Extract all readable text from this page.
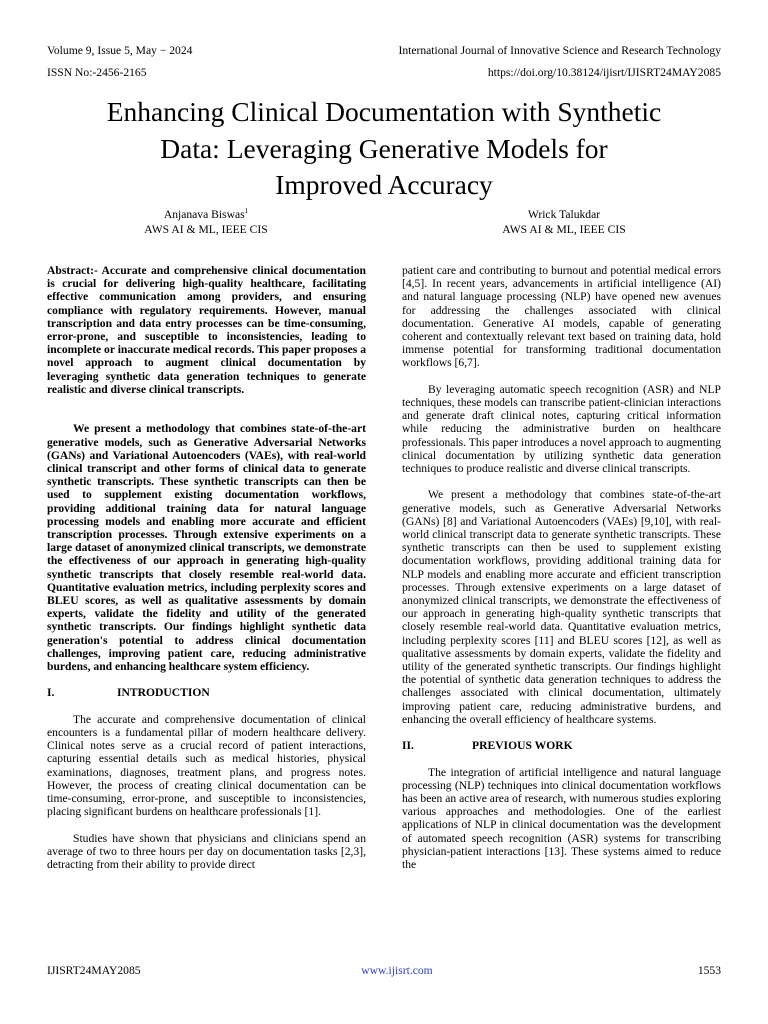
Volume 9, Issue 5, May − 2024	International Journal of Innovative Science and Research Technology
ISSN No:-2456-2165	https://doi.org/10.38124/ijisrt/IJISRT24MAY2085
Enhancing Clinical Documentation with Synthetic
Data: Leveraging Generative Models for
Improved Accuracy
Anjanava Biswas$^1$
AWS AI & ML, IEEE CIS
Wrick Talukdar
AWS AI & ML, IEEE CIS

Abstract:- Accurate and comprehensive clinical documentation is crucial for delivering high-quality healthcare, facilitating effective communication among providers, and ensuring compliance with regulatory requirements. However, manual transcription and data entry processes can be time-consuming, error-prone, and susceptible to inconsistencies, leading to incomplete or inaccurate medical records. This paper proposes a novel approach to augment clinical documentation by leveraging synthetic data generation techniques to generate realistic and diverse clinical transcripts.

We present a methodology that combines state-of-the-art generative models, such as Generative Adversarial Networks (GANs) and Variational Autoencoders (VAEs), with real-world clinical transcript and other forms of clinical data to generate synthetic transcripts. These synthetic transcripts can then be used to supplement existing documentation workflows, providing additional training data for natural language processing models and enabling more accurate and efficient transcription processes. Through extensive experiments on a large dataset of anonymized clinical transcripts, we demonstrate the effectiveness of our approach in generating high-quality synthetic transcripts that closely resemble real-world data. Quantitative evaluation metrics, including perplexity scores and BLEU scores, as well as qualitative assessments by domain experts, validate the fidelity and utility of the generated synthetic transcripts. Our findings highlight synthetic data generation's potential to address clinical documentation challenges, improving patient care, reducing administrative burdens, and enhancing healthcare system efficiency.

I.	INTRODUCTION

The accurate and comprehensive documentation of clinical encounters is a fundamental pillar of modern healthcare delivery. Clinical notes serve as a crucial record of patient interactions, capturing essential details such as medical histories, physical examinations, diagnoses, treatment plans, and progress notes. However, the process of creating clinical documentation can be time-consuming, error-prone, and susceptible to inconsistencies, placing significant burdens on healthcare professionals [1].

Studies have shown that physicians and clinicians spend an average of two to three hours per day on documentation tasks [2,3], detracting from their ability to provide direct

patient care and contributing to burnout and potential medical errors [4,5]. In recent years, advancements in artificial intelligence (AI) and natural language processing (NLP) have opened new avenues for addressing the challenges associated with clinical documentation. Generative AI models, capable of generating coherent and contextually relevant text based on training data, hold immense potential for transforming traditional documentation workflows [6,7].

By leveraging automatic speech recognition (ASR) and NLP techniques, these models can transcribe patient-clinician interactions and generate draft clinical notes, capturing critical information while reducing the administrative burden on healthcare professionals. This paper introduces a novel approach to augmenting clinical documentation by utilizing synthetic data generation techniques to produce realistic and diverse clinical transcripts.

We present a methodology that combines state-of-the-art generative models, such as Generative Adversarial Networks (GANs) [8] and Variational Autoencoders (VAEs) [9,10], with real-world clinical transcript data to generate synthetic transcripts. These synthetic transcripts can then be used to supplement existing documentation workflows, providing additional training data for NLP models and enabling more accurate and efficient transcription processes. Through extensive experiments on a large dataset of anonymized clinical transcripts, we demonstrate the effectiveness of our approach in generating high-quality synthetic transcripts that closely resemble real-world data. Quantitative evaluation metrics, including perplexity scores [11] and BLEU scores [12], as well as qualitative assessments by domain experts, validate the fidelity and utility of the generated synthetic transcripts. Our findings highlight the potential of synthetic data generation techniques to address the challenges associated with clinical documentation, ultimately improving patient care, reducing administrative burdens, and enhancing the overall efficiency of healthcare systems.

II.	PREVIOUS WORK

The integration of artificial intelligence and natural language processing (NLP) techniques into clinical documentation workflows has been an active area of research, with numerous studies exploring various approaches and methodologies. One of the earliest applications of NLP in clinical documentation was the development of automated speech recognition (ASR) systems for transcribing physician-patient interactions [13]. These systems aimed to reduce the

IJISRT24MAY2085	www.ijisrt.com	1553
